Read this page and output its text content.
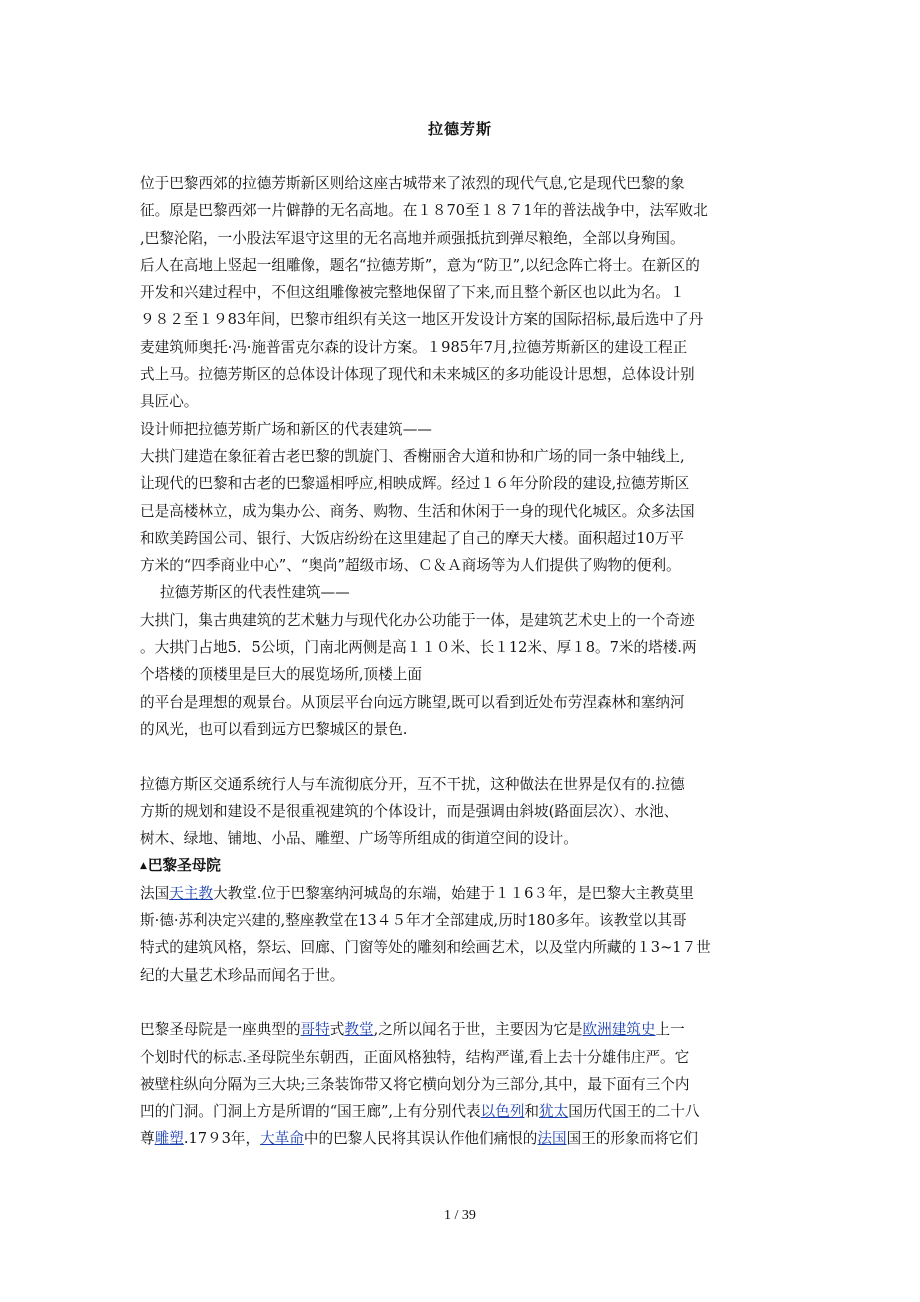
拉德芳斯

位于巴黎西郊的拉德芳斯新区则给这座古城带来了浓烈的现代气息,它是现代巴黎的象

征。原是巴黎西郊一片僻静的无名高地。在１８70至１８７1年的普法战争中，法军败北

,巴黎沦陷，一小股法军退守这里的无名高地并顽强抵抗到弹尽粮绝，全部以身殉国。

后人在高地上竖起一组雕像，题名“拉德芳斯”，意为“防卫”,以纪念阵亡将士。在新区的

开发和兴建过程中，不但这组雕像被完整地保留了下来,而且整个新区也以此为名。１

９８２至１９83年间，巴黎市组织有关这一地区开发设计方案的国际招标,最后选中了丹

麦建筑师奥托·冯·施普雷克尔森的设计方案。１985年7月,拉德芳斯新区的建设工程正

式上马。拉德芳斯区的总体设计体现了现代和未来城区的多功能设计思想，总体设计别

具匠心。

设计师把拉德芳斯广场和新区的代表建筑——

大拱门建造在象征着古老巴黎的凯旋门、香榭丽舍大道和协和广场的同一条中轴线上,

让现代的巴黎和古老的巴黎遥相呼应,相映成辉。经过１６年分阶段的建设,拉德芳斯区

已是高楼林立，成为集办公、商务、购物、生活和休闲于一身的现代化城区。众多法国

和欧美跨国公司、银行、大饭店纷纷在这里建起了自己的摩天大楼。面积超过10万平

方米的“四季商业中心”、“奥尚”超级市场、Ｃ＆Ａ商场等为人们提供了购物的便利。

拉德芳斯区的代表性建筑——

大拱门，集古典建筑的艺术魅力与现代化办公功能于一体，是建筑艺术史上的一个奇迹

。大拱门占地5．5公顷，门南北两侧是高１１０米、长１12米、厚１8。7米的塔楼.两

个塔楼的顶楼里是巨大的展览场所,顶楼上面

的平台是理想的观景台。从顶层平台向远方眺望,既可以看到近处布劳涅森林和塞纳河

的风光，也可以看到远方巴黎城区的景色.

拉德方斯区交通系统行人与车流彻底分开，互不干扰，这种做法在世界是仅有的.拉德

方斯的规划和建设不是很重视建筑的个体设计，而是强调由斜坡(路面层次）、水池、

树木、绿地、铺地、小品、雕塑、广场等所组成的街道空间的设计。

▲巴黎圣母院

法国天主教大教堂.位于巴黎塞纳河城岛的东端，始建于１１6３年，是巴黎大主教莫里

斯·德·苏利决定兴建的,整座教堂在13４５年才全部建成,历时180多年。该教堂以其哥

特式的建筑风格，祭坛、回廊、门窗等处的雕刻和绘画艺术，以及堂内所藏的１3~1７世

纪的大量艺术珍品而闻名于世。

巴黎圣母院是一座典型的哥特式教堂,之所以闻名于世，主要因为它是欧洲建筑史上一

个划时代的标志.圣母院坐东朝西，正面风格独特，结构严谨,看上去十分雄伟庄严。它

被壁柱纵向分隔为三大块;三条装饰带又将它横向划分为三部分,其中，最下面有三个内

凹的门洞。门洞上方是所谓的“国王廊”,上有分别代表以色列和犹太国历代国王的二十八

尊雕塑.17９3年，大革命中的巴黎人民将其误认作他们痛恨的法国国王的形象而将它们

1 / 39
